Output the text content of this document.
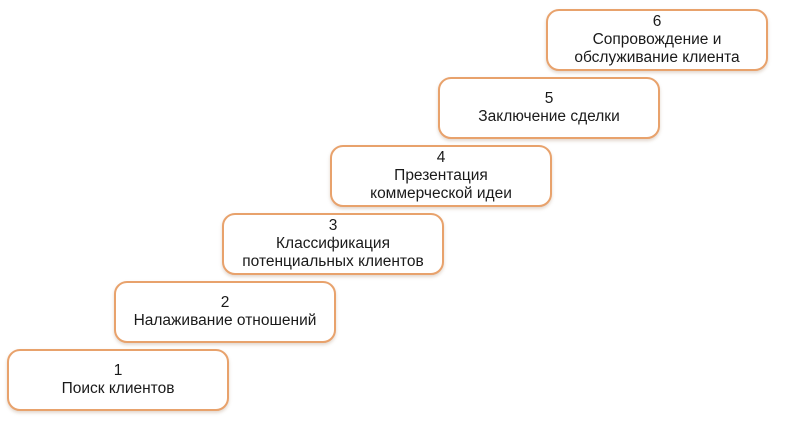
1
Поиск клиентов
2
Налаживание отношений
3
Классификация
потенциальных клиентов
4
Презентация
коммерческой идеи
5
Заключение сделки
6
Сопровождение и
обслуживание клиента
